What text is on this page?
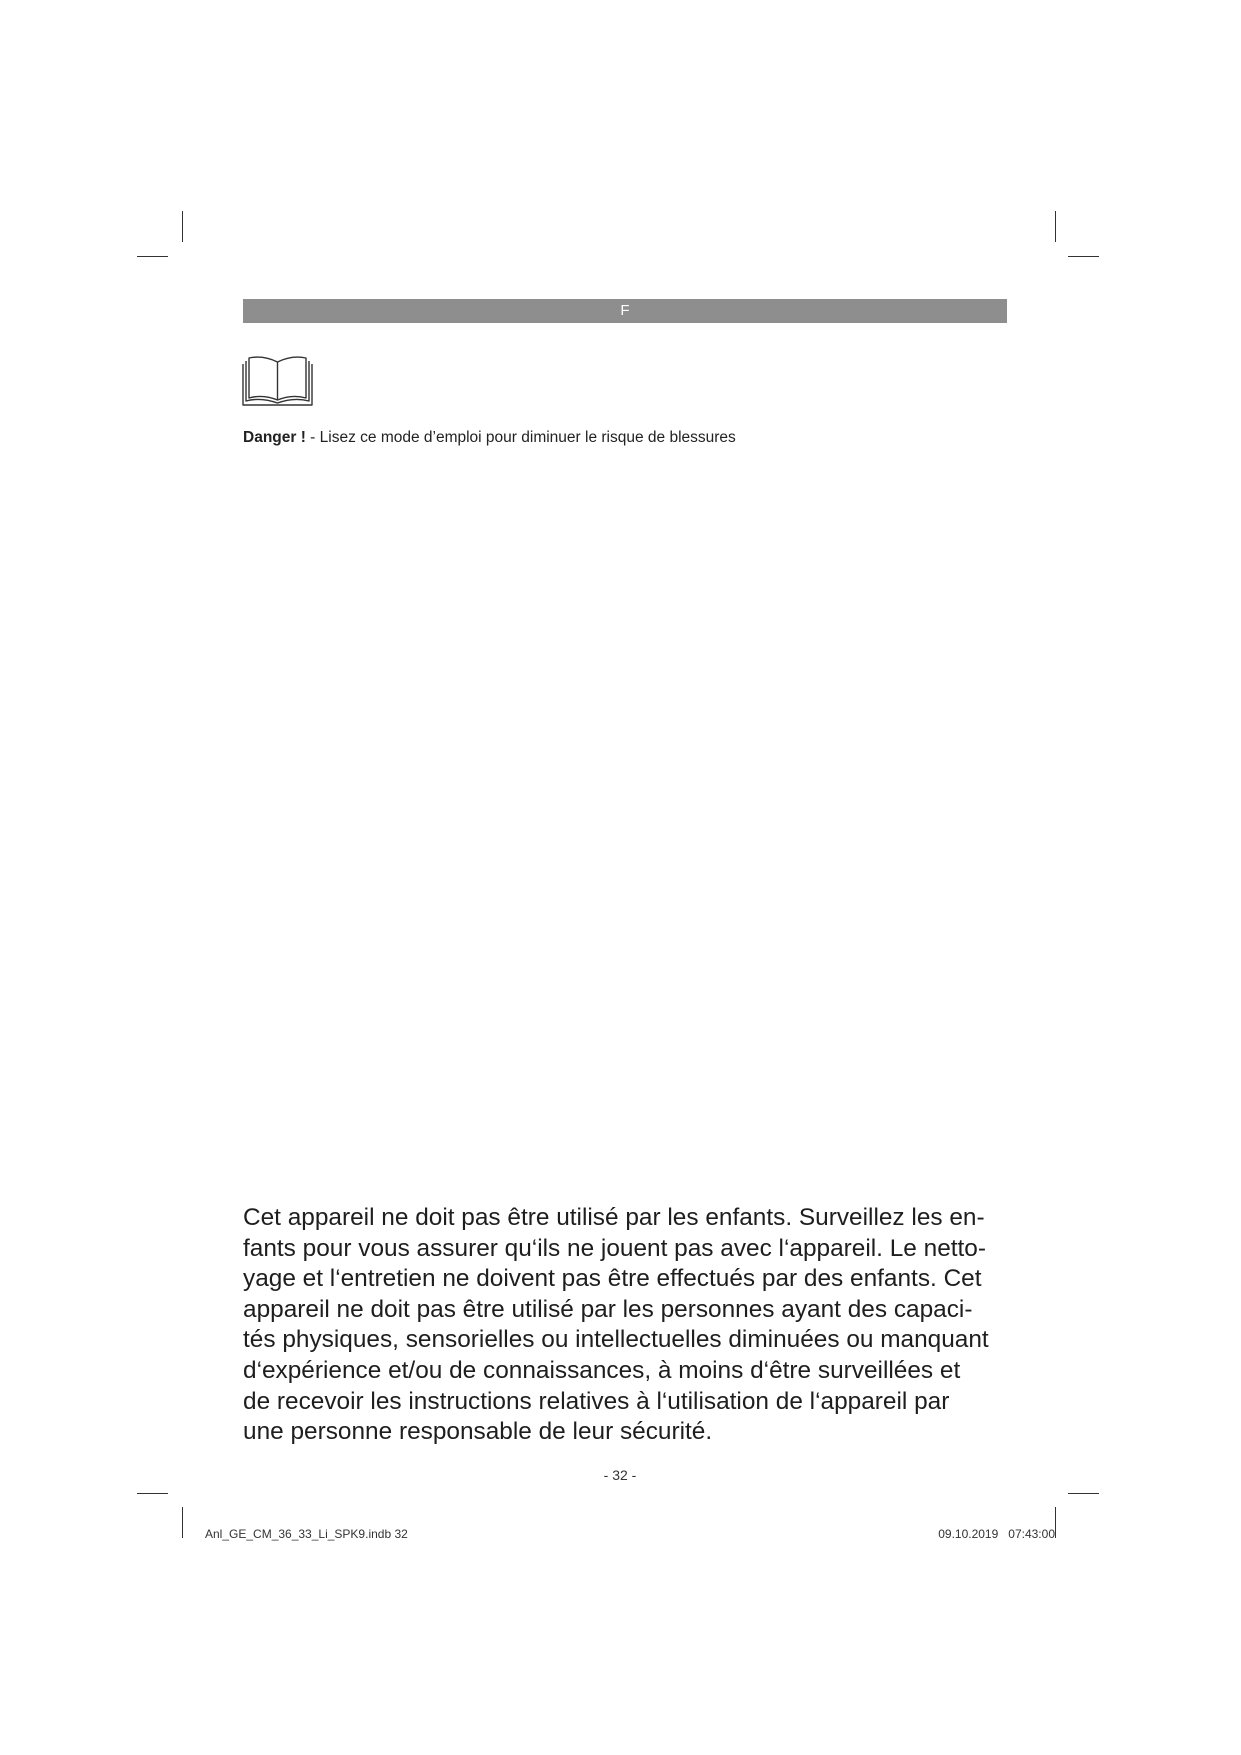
F
Danger ! - Lisez ce mode d’emploi pour diminuer le risque de blessures
Cet appareil ne doit pas être utilisé par les enfants. Surveillez les en-
fants pour vous assurer qu‘ils ne jouent pas avec l‘appareil. Le netto-
yage et l‘entretien ne doivent pas être effectués par des enfants. Cet
appareil ne doit pas être utilisé par les personnes ayant des capaci-
tés physiques, sensorielles ou intellectuelles diminuées ou manquant
d‘expérience et/ou de connaissances, à moins d‘être surveillées et
de recevoir les instructions relatives à l‘utilisation de l‘appareil par
une personne responsable de leur sécurité.
- 32 -
Anl_GE_CM_36_33_Li_SPK9.indb 32	09.10.2019   07:43:00
